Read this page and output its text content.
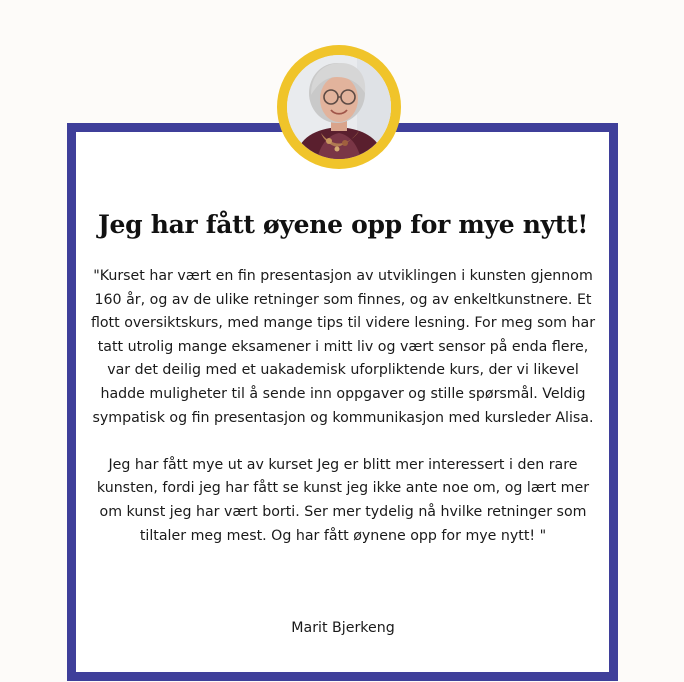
Jeg har fått øyene opp for mye nytt!

"Kurset har vært en fin presentasjon av utviklingen i kunsten gjennom 160 år, og av de ulike retninger som finnes, og av enkeltkunstnere. Et flott oversiktskurs, med mange tips til videre lesning. For meg som har tatt utrolig mange eksamener i mitt liv og vært sensor på enda flere, var det deilig med et uakademisk uforpliktende kurs, der vi likevel hadde muligheter til å sende inn oppgaver og stille spørsmål. Veldig sympatisk og fin presentasjon og kommunikasjon med kursleder Alisa.

Jeg har fått mye ut av kurset Jeg er blitt mer interessert i den rare kunsten, fordi jeg har fått se kunst jeg ikke ante noe om, og lært mer om kunst jeg har vært borti. Ser mer tydelig nå hvilke retninger som tiltaler meg mest. Og har fått øynene opp for mye nytt! "

Marit Bjerkeng
